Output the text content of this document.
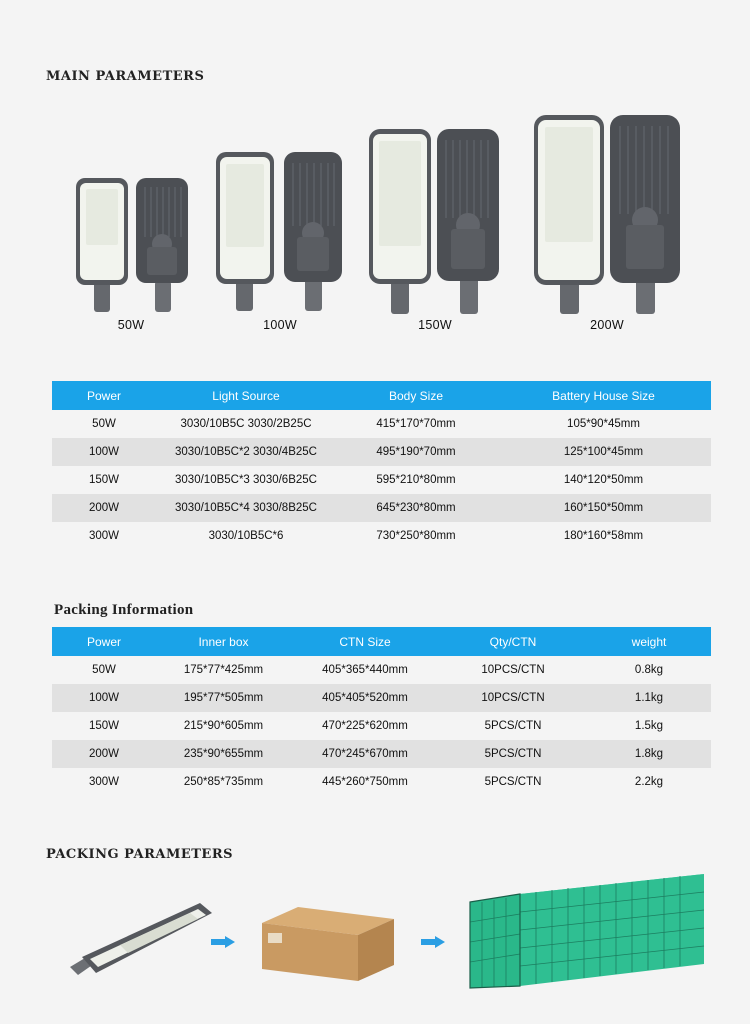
MAIN PARAMETERS
50W	100W	150W	200W
Power	Light Source	Body Size	Battery House Size
50W	3030/10B5C 3030/2B25C	415*170*70mm	105*90*45mm
100W	3030/10B5C*2 3030/4B25C	495*190*70mm	125*100*45mm
150W	3030/10B5C*3 3030/6B25C	595*210*80mm	140*120*50mm
200W	3030/10B5C*4 3030/8B25C	645*230*80mm	160*150*50mm
300W	3030/10B5C*6	730*250*80mm	180*160*58mm
Packing Information
Power	Inner box	CTN Size	Qty/CTN	weight
50W	175*77*425mm	405*365*440mm	10PCS/CTN	0.8kg
100W	195*77*505mm	405*405*520mm	10PCS/CTN	1.1kg
150W	215*90*605mm	470*225*620mm	5PCS/CTN	1.5kg
200W	235*90*655mm	470*245*670mm	5PCS/CTN	1.8kg
300W	250*85*735mm	445*260*750mm	5PCS/CTN	2.2kg
PACKING PARAMETERS
